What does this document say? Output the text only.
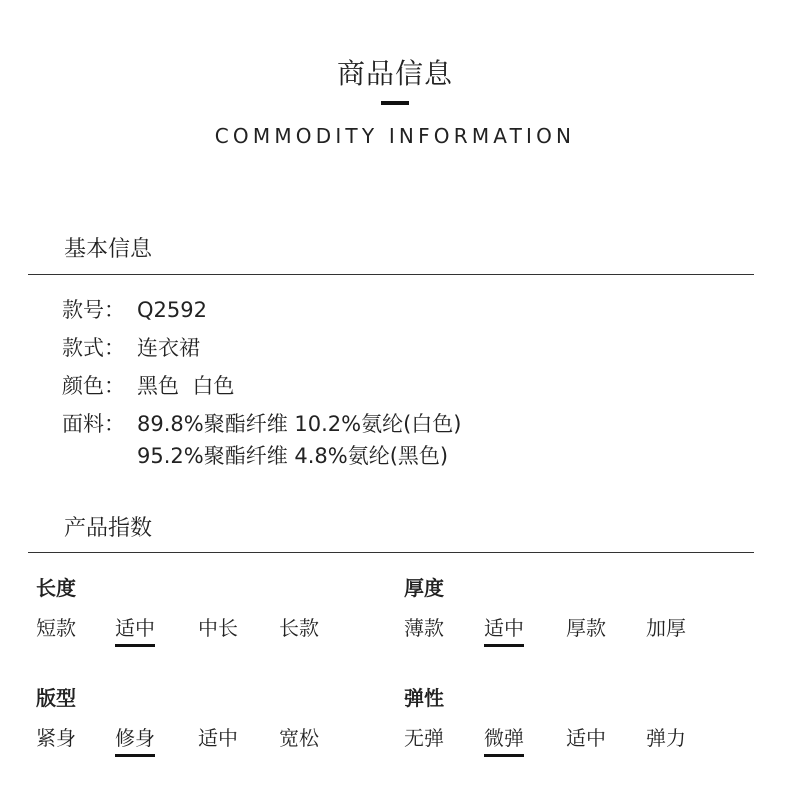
商品信息
COMMODITY INFORMATION
基本信息
款号： Q2592
款式： 连衣裙
颜色： 黑色  白色
面料： 89.8%聚酯纤维 10.2%氨纶(白色)
95.2%聚酯纤维 4.8%氨纶(黑色)
产品指数
长度
短款 适中 中长 长款
厚度
薄款 适中 厚款 加厚
版型
紧身 修身 适中 宽松
弹性
无弹 微弹 适中 弹力
